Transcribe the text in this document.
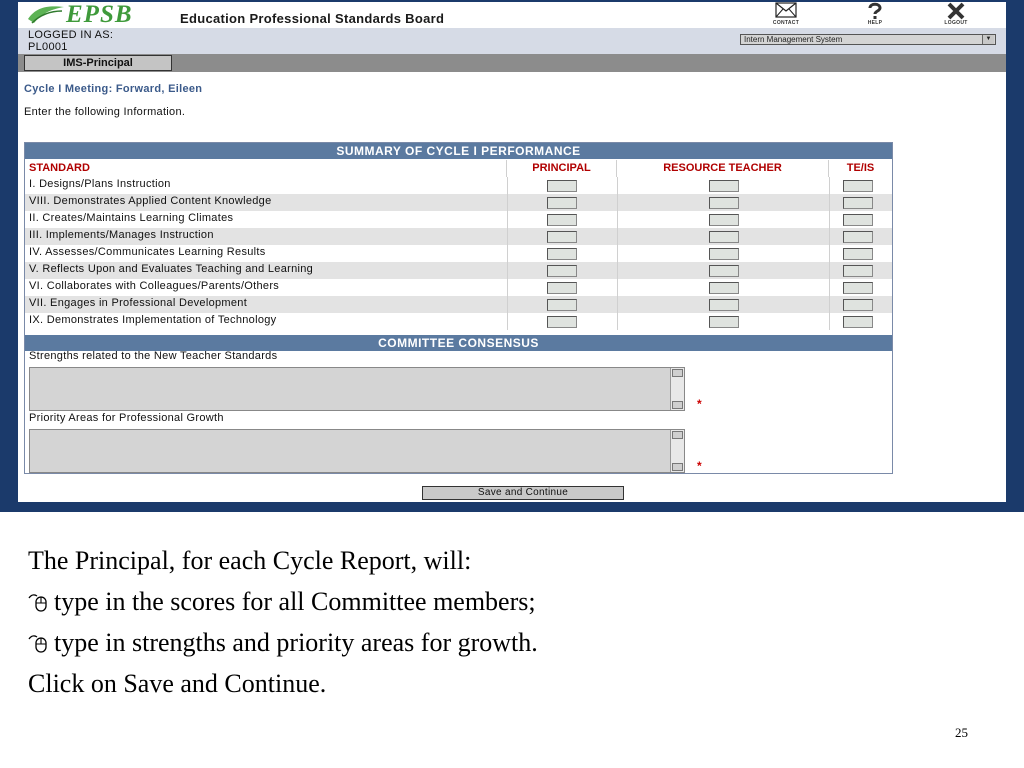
EPSB	Education Professional Standards Board	CONTACT	HELP	LOGOUT
LOGGED IN AS:
PL0001
Intern Management System	▼
IMS-Principal
Cycle I Meeting: Forward, Eileen
Enter the following Information.
SUMMARY OF CYCLE I PERFORMANCE
STANDARD	PRINCIPAL	RESOURCE TEACHER	TE/IS
I. Designs/Plans Instruction
VIII. Demonstrates Applied Content Knowledge
II. Creates/Maintains Learning Climates
III. Implements/Manages Instruction
IV. Assesses/Communicates Learning Results
V. Reflects Upon and Evaluates Teaching and Learning
VI. Collaborates with Colleagues/Parents/Others
VII. Engages in Professional Development
IX. Demonstrates Implementation of Technology
COMMITTEE CONSENSUS
Strengths related to the New Teacher Standards
*
Priority Areas for Professional Growth
*
Save and Continue
The Principal, for each Cycle Report, will:
type in the scores for all Committee members;
type in strengths and priority areas for growth.
Click on Save and Continue.
25
